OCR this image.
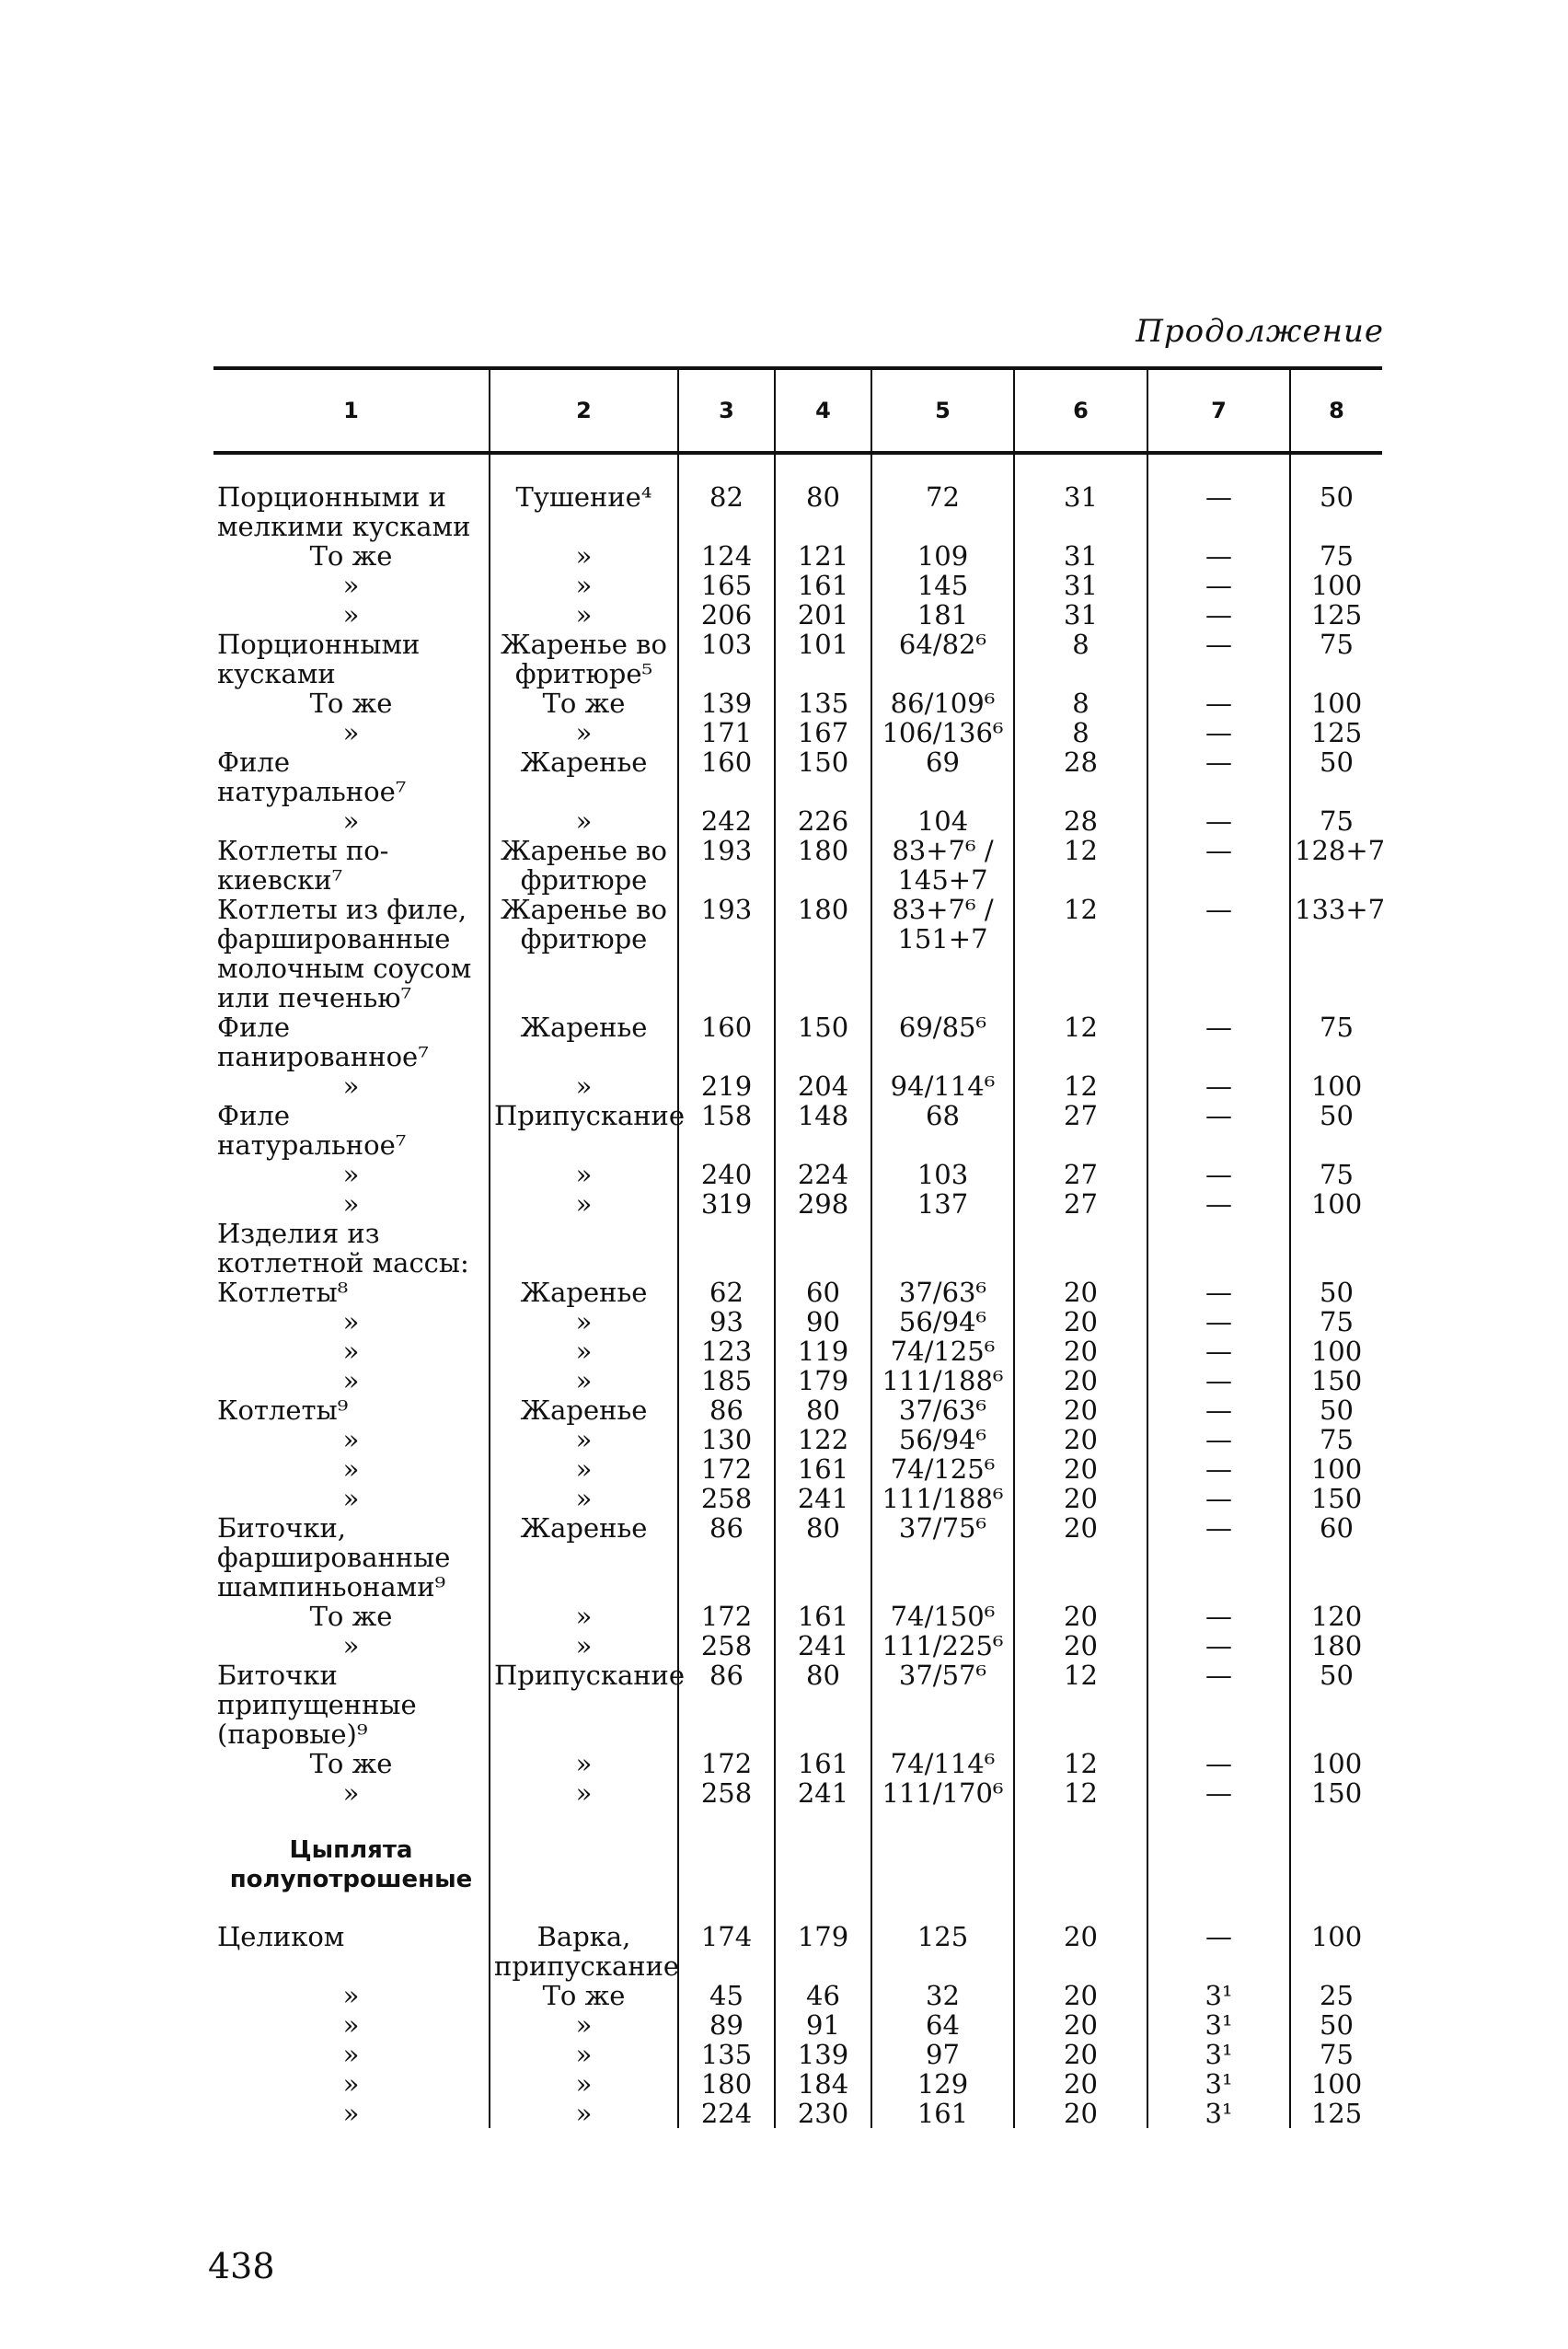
Продолжение
1	2	3	4	5	6	7	8

Порционными и мелкими кусками	Тушение⁴	82	80	72	31	—	50
То же	»	124	121	109	31	—	75
»	»	165	161	145	31	—	100
»	»	206	201	181	31	—	125
Порционными кусками	Жаренье во фритюре⁵	103	101	64/82⁶	8	—	75
То же	То же	139	135	86/109⁶	8	—	100
»	»	171	167	106/136⁶	8	—	125
Филе натуральное⁷	Жаренье	160	150	69	28	—	50
»	»	242	226	104	28	—	75
Котлеты по-киевски⁷	Жаренье во фритюре	193	180	83+7⁶ / 145+7	12	—	128+7
Котлеты из филе, фаршированные молочным соусом или печенью⁷	Жаренье во фритюре	193	180	83+7⁶ / 151+7	12	—	133+7
Филе панированное⁷	Жаренье	160	150	69/85⁶	12	—	75
»	»	219	204	94/114⁶	12	—	100
Филе натуральное⁷	Припускание	158	148	68	27	—	50
»	»	240	224	103	27	—	75
»	»	319	298	137	27	—	100
Изделия из котлетной массы:							
Котлеты⁸	Жаренье	62	60	37/63⁶	20	—	50
»	»	93	90	56/94⁶	20	—	75
»	»	123	119	74/125⁶	20	—	100
»	»	185	179	111/188⁶	20	—	150
Котлеты⁹	Жаренье	86	80	37/63⁶	20	—	50
»	»	130	122	56/94⁶	20	—	75
»	»	172	161	74/125⁶	20	—	100
»	»	258	241	111/188⁶	20	—	150
Биточки, фаршированные шампиньонами⁹	Жаренье	86	80	37/75⁶	20	—	60
То же	»	172	161	74/150⁶	20	—	120
»	»	258	241	111/225⁶	20	—	180
Биточки припущенные (паровые)⁹	Припускание	86	80	37/57⁶	12	—	50
То же	»	172	161	74/114⁶	12	—	100
»	»	258	241	111/170⁶	12	—	150

Цыплята полупотрошеные							

Целиком	Варка, припускание	174	179	125	20	—	100
»	То же	45	46	32	20	3¹	25
»	»	89	91	64	20	3¹	50
»	»	135	139	97	20	3¹	75
»	»	180	184	129	20	3¹	100
»	»	224	230	161	20	3¹	125
438
